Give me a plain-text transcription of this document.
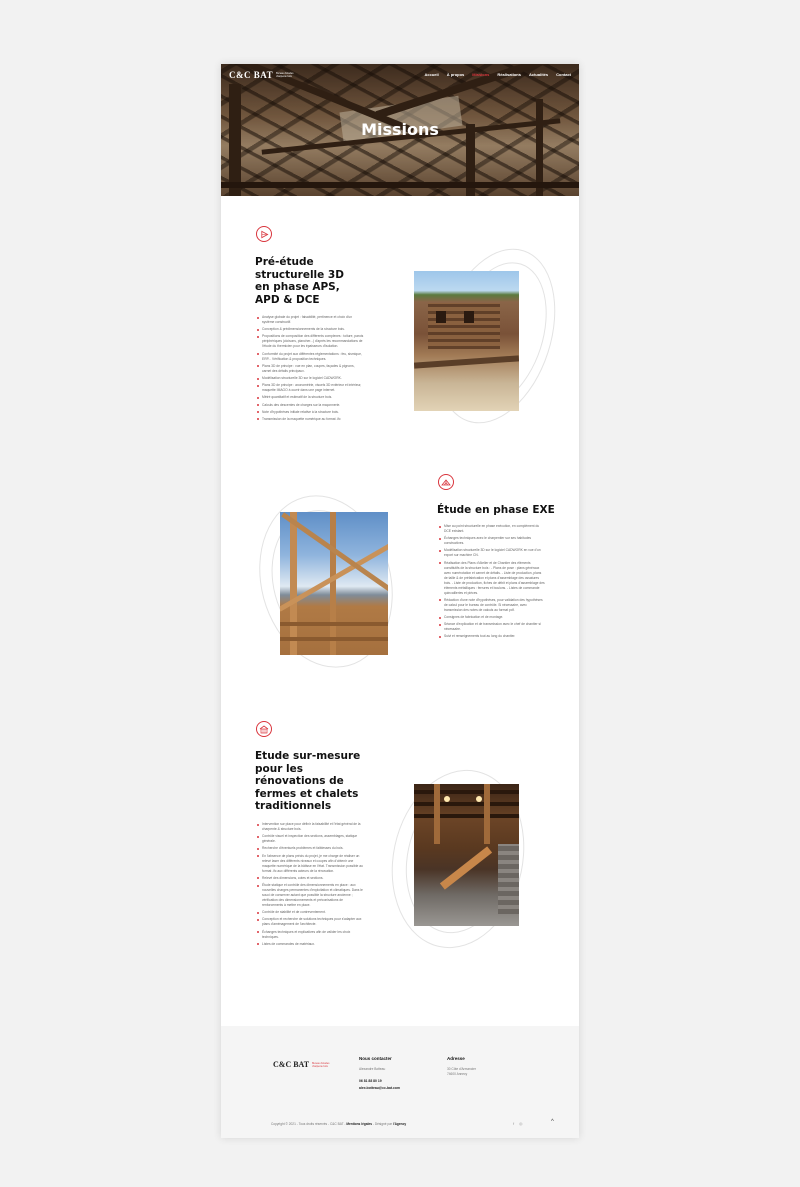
C&C BAT Bureau d'études charpente bois	Accueil À propos Missions Réalisations Actualités Contact
Missions
Pré-étude structurelle 3D en phase APS, APD & DCE
Analyse globale du projet : faisabilité, pertinence et choix d'un système constructif.
Conception & prédimensionnements de la structure bois.
Propositions de composition des différents complexes : toiture, parois périphériques (cloisons, plancher...) d'après les recommandations de l'étude du thermicien pour les épaisseurs d'isolation.
Conformité du projet aux différentes réglementations : feu, sismique, ERP... Vérification & proposition techniques.
Plans 3D de principe : vue en plan, coupes, façades & pignons, carnet des détails principaux.
Modélisation structurelle 3D sur le logiciel CADWORK.
Plans 3D de principe : axonométrie, visuels 3D extérieur et intérieur, maquette IMAGO à ouvrir dans une page internet.
Métré quantitatif et estimatif de la structure bois.
Calculs des descentes de charges sur la maçonnerie.
Note d'hypothèses initiale relative à la structure bois.
Transmission de la maquette numérique au format .ifc
Étude en phase EXE
Mise au point structurelle en phase exécution, en complément du DCE existant.
Échanges techniques avec le charpentier sur ses habitudes constructives.
Modélisation structurelle 3D sur le logiciel CADWORK en vue d'un export sur machine CN.
Réalisation des Plans d'Atelier et de Chantier des éléments constitutifs de la structure bois : - Plans de pose : plans généraux avec numérotation et carnet de détails. - Liste de production, plans de taille & de préfabrication et plans d'assemblage des ossatures bois. - Liste de production, fiches de débit et plans d'assemblage des éléments métalliques : ferrures et boulons. - Listes de commande quincailleries et pièces.
Rédaction d'une note d'hypothèses, pour validation des hypothèses de calcul pour le bureau de contrôle. Si nécessaire, avec transmission des notes de calculs au format pdf.
Consignes de fabrication et de montage.
Séance d'explication et de transmission avec le chef de chantier si nécessaire.
Suivi et renseignements tout au long du chantier.
Etude sur-mesure pour les rénovations de fermes et chalets traditionnels
Intervention sur place pour définir la faisabilité et l'état général de la charpente & structure bois.
Contrôle visuel et inspection des sections, assemblages, statique générale.
Recherche d'éventuels problèmes et faiblesses du bois.
En l'absence de plans précis du projet, je me charge de réaliser un relevé laser des différents niveaux et coupes afin d'obtenir une maquette numérique de la bâtisse en l'état. Transmission possible au format .ifc aux différents acteurs de la rénovation.
Relevé des dimensions, cotes et sections.
Étude statique et contrôle des dimensionnements en place : aux nouvelles charges permanentes d'exploitation et climatiques. Dans le souci de conserver autant que possible la structure ancienne ; vérification des dimensionnements et préconisations de renforcements à mettre en place.
Contrôle de stabilité et de contreventement.
Conception et recherche de solutions techniques pour s'adapter aux plans d'aménagement de l'architecte.
Échanges techniques et explicatives afin de valider les choix techniques.
Listes de commandes de matériaux.
C&C BAT Bureau d'études charpente bois
Nous contacter
Alexandre Botteau
06 81 88 80 19
alex.botteau@cc-bat.com
Adresse
30 Côte d'Armancier
74600 Annecy
Copyright © 2021 - Tous droits réservés - C&C BAT - Mentions légales - Désigné par l'Agency	f ◎	^
